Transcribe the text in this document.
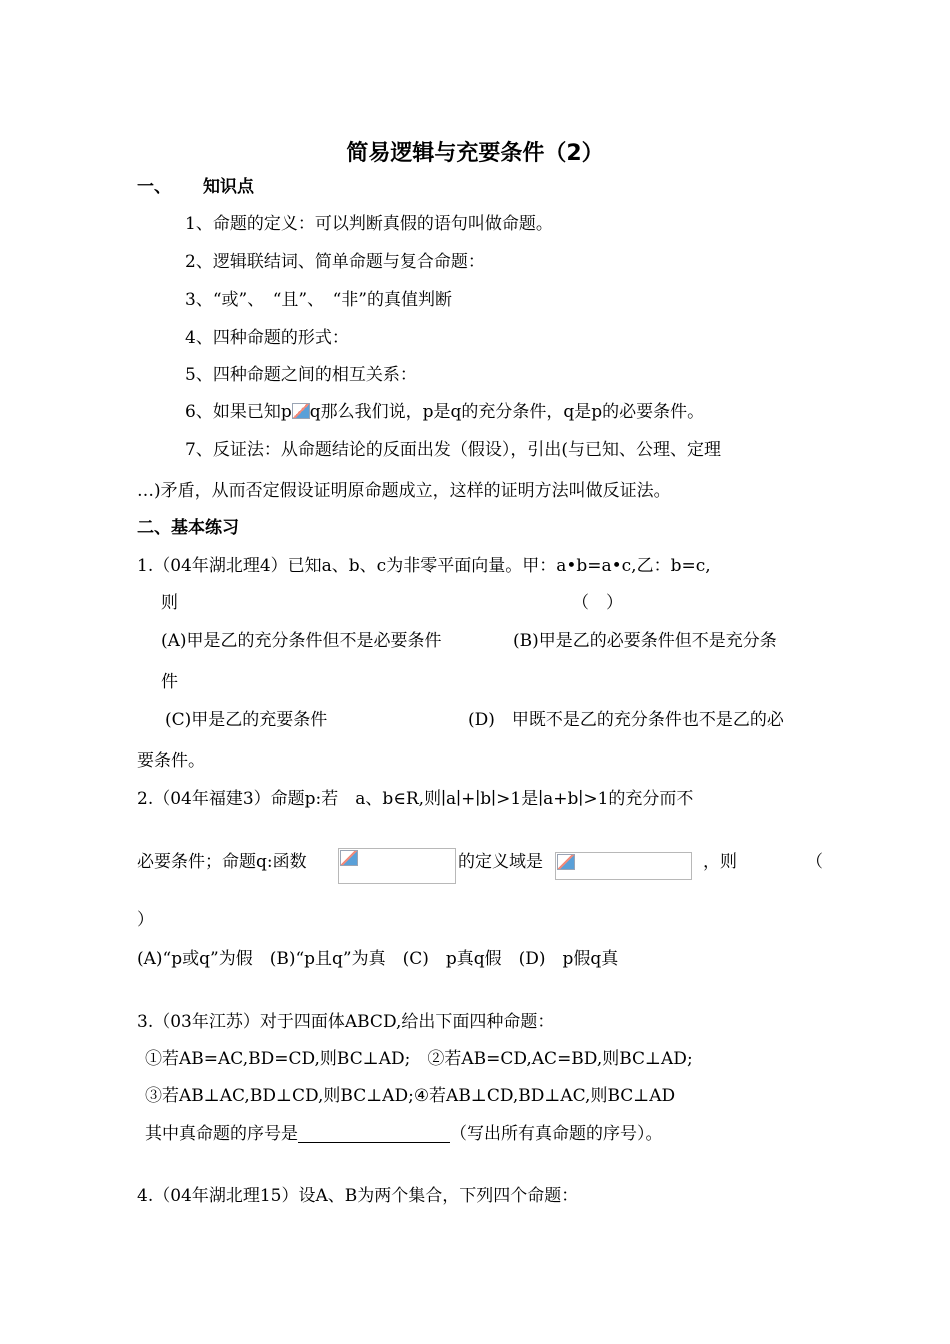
简易逻辑与充要条件（2）
一、 知识点
1、命题的定义：可以判断真假的语句叫做命题。
2、逻辑联结词、简单命题与复合命题：
3、“或”、　“且”、　“非”的真值判断
4、四种命题的形式：
5、四种命题之间的相互关系：
6、如果已知p q那么我们说，p是q的充分条件，q是p的必要条件。
7、反证法：从命题结论的反面出发（假设），引出(与已知、公理、定理
…)矛盾，从而否定假设证明原命题成立，这样的证明方法叫做反证法。
二、基本练习
1.（04年湖北理4）已知a、b、c为非零平面向量。甲：a•b=a•c,乙：b=c,
则	（　）
(A)甲是乙的充分条件但不是必要条件	(B)甲是乙的必要条件但不是充分条
件
(C)甲是乙的充要条件	(D)　甲既不是乙的充分条件也不是乙的必
要条件。
2.（04年福建3）命题p:若　a、b∈R,则∣a∣+∣b∣>1是∣a+b∣>1的充分而不
必要条件；命题q:函数	的定义域是	，则	（
）
(A)“p或q”为假　(B)“p且q”为真　(C)　p真q假　(D)　p假q真
3.（03年江苏）对于四面体ABCD,给出下面四种命题：
①若AB=AC,BD=CD,则BC⊥AD;　②若AB=CD,AC=BD,则BC⊥AD;
③若AB⊥AC,BD⊥CD,则BC⊥AD;④若AB⊥CD,BD⊥AC,则BC⊥AD
其中真命题的序号是	（写出所有真命题的序号）。
4.（04年湖北理15）设A、B为两个集合，下列四个命题：
